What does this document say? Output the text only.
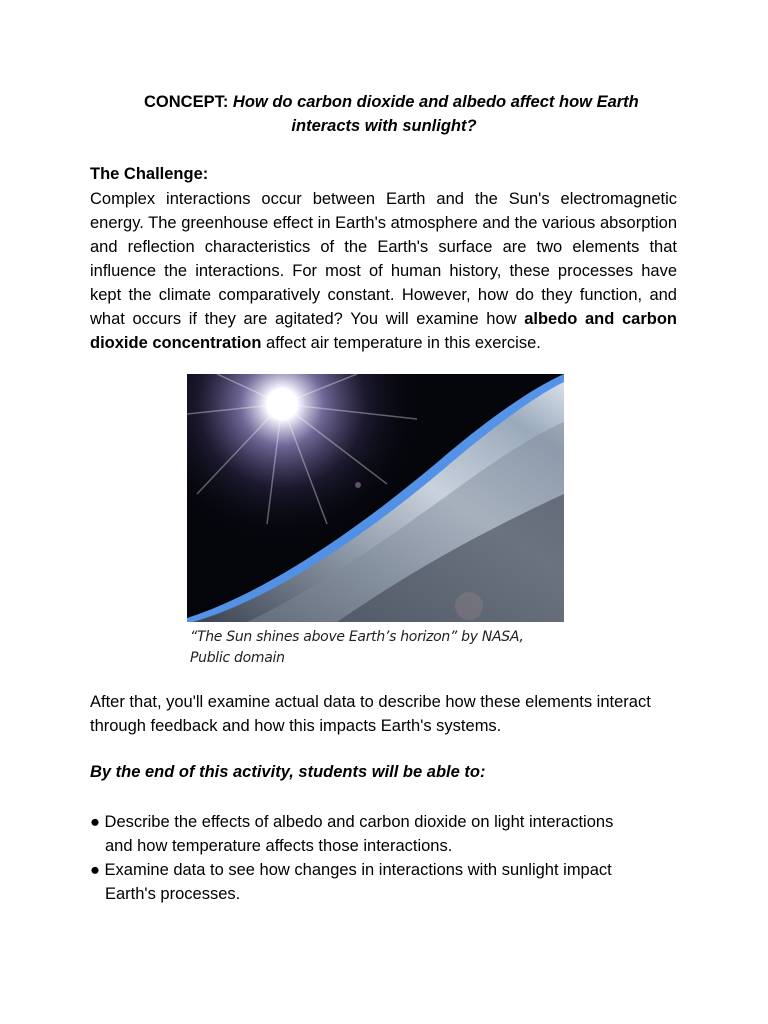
CONCEPT: How do carbon dioxide and albedo affect how Earth
interacts with sunlight?
The Challenge:
Complex interactions occur between Earth and the Sun's electromagnetic energy. The greenhouse effect in Earth's atmosphere and the various absorption and reflection characteristics of the Earth's surface are two elements that influence the interactions. For most of human history, these processes have kept the climate comparatively constant. However, how do they function, and what occurs if they are agitated? You will examine how albedo and carbon dioxide concentration affect air temperature in this exercise.
“The Sun shines above Earth’s horizon” by NASA,
Public domain
After that, you'll examine actual data to describe how these elements interact through feedback and how this impacts Earth's systems.
By the end of this activity, students will be able to:
● Describe the effects of albedo and carbon dioxide on light interactions
and how temperature affects those interactions.
● Examine data to see how changes in interactions with sunlight impact
Earth's processes.
